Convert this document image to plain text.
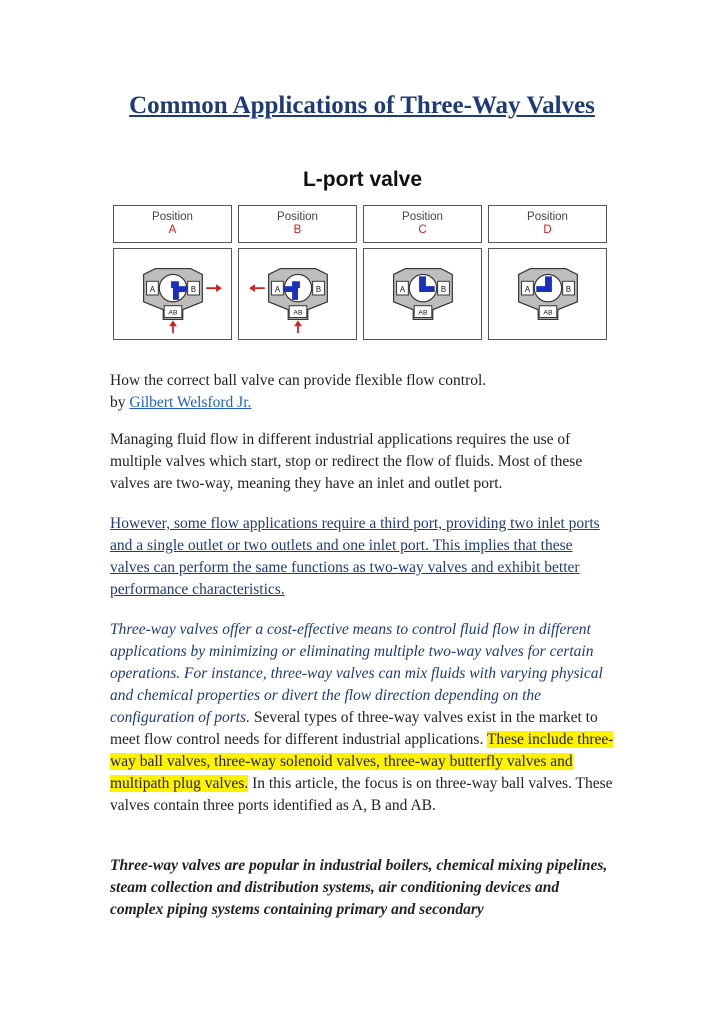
Common Applications of Three-Way Valves
L-port valve
Position
A
Position
B
Position
C
Position
D
A	B
AB
A	B
AB
A	B
AB
A	B
AB

How the correct ball valve can provide flexible flow control.
by Gilbert Welsford Jr.

Managing fluid flow in different industrial applications requires the use of multiple valves which start, stop or redirect the flow of fluids. Most of these valves are two-way, meaning they have an inlet and outlet port.

However, some flow applications require a third port, providing two inlet ports and a single outlet or two outlets and one inlet port. This implies that these valves can perform the same functions as two-way valves and exhibit better performance characteristics.

Three-way valves offer a cost-effective means to control fluid flow in different applications by minimizing or eliminating multiple two-way valves for certain operations. For instance, three-way valves can mix fluids with varying physical and chemical properties or divert the flow direction depending on the configuration of ports. Several types of three-way valves exist in the market to meet flow control needs for different industrial applications. These include three-way ball valves, three-way solenoid valves, three-way butterfly valves and multipath plug valves. In this article, the focus is on three-way ball valves. These valves contain three ports identified as A, B and AB.

Three-way valves are popular in industrial boilers, chemical mixing pipelines, steam collection and distribution systems, air conditioning devices and complex piping systems containing primary and secondary
